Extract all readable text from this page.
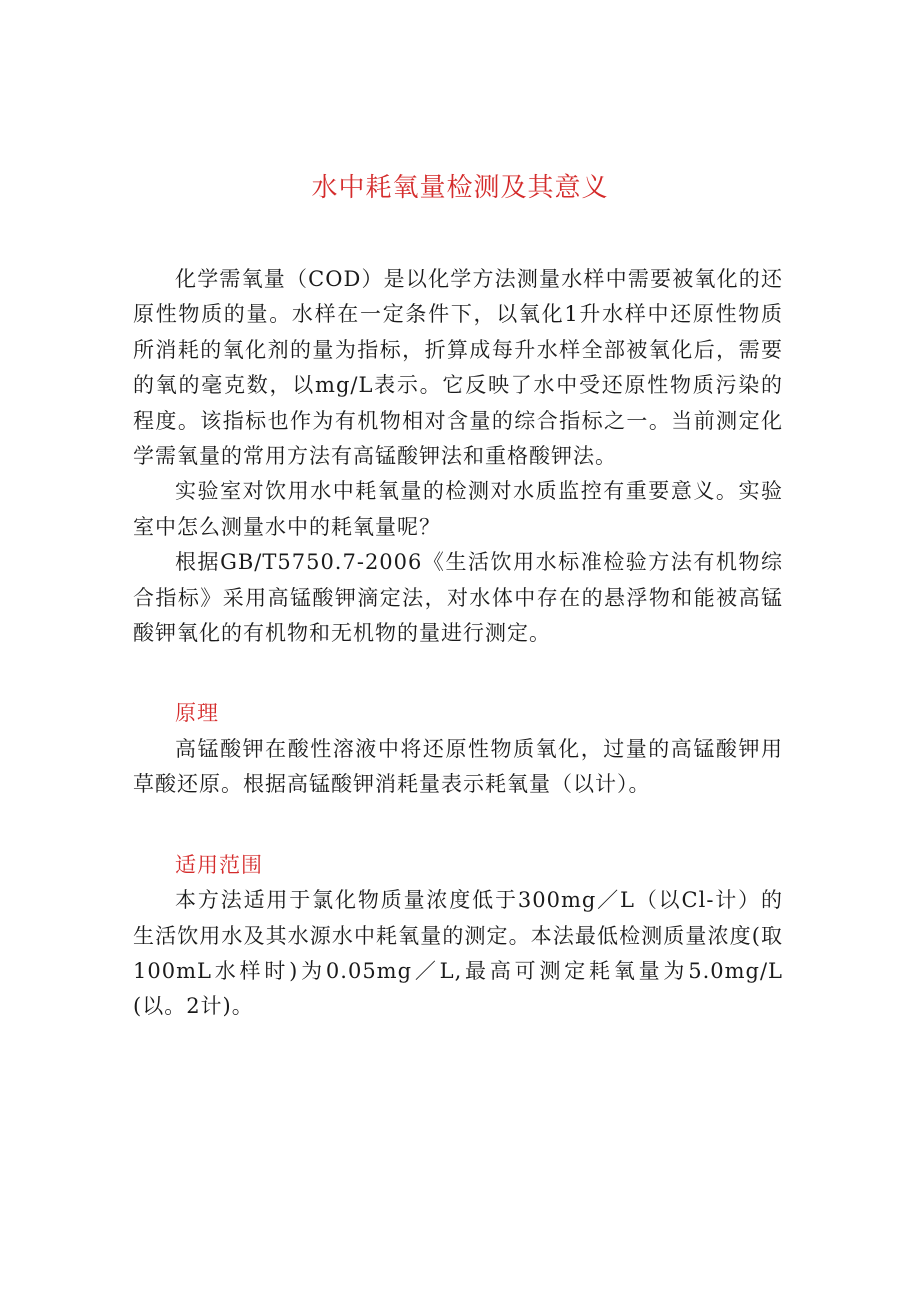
水中耗氧量检测及其意义

化学需氧量（COD）是以化学方法测量水样中需要被氧化的还原性物质的量。水样在一定条件下，以氧化1升水样中还原性物质所消耗的氧化剂的量为指标，折算成每升水样全部被氧化后，需要的氧的毫克数，以mg/L表示。它反映了水中受还原性物质污染的程度。该指标也作为有机物相对含量的综合指标之一。当前测定化学需氧量的常用方法有高锰酸钾法和重格酸钾法。

实验室对饮用水中耗氧量的检测对水质监控有重要意义。实验室中怎么测量水中的耗氧量呢？

根据GB/T5750.7-2006《生活饮用水标准检验方法有机物综合指标》采用高锰酸钾滴定法，对水体中存在的悬浮物和能被高锰酸钾氧化的有机物和无机物的量进行测定。

原理

高锰酸钾在酸性溶液中将还原性物质氧化，过量的高锰酸钾用草酸还原。根据高锰酸钾消耗量表示耗氧量（以计）。

适用范围

本方法适用于氯化物质量浓度低于300mg／L（以Cl-计）的生活饮用水及其水源水中耗氧量的测定。本法最低检测质量浓度(取100mL水样时)为0.05mg／L,最高可测定耗氧量为5.0mg/L(以。2计)。
